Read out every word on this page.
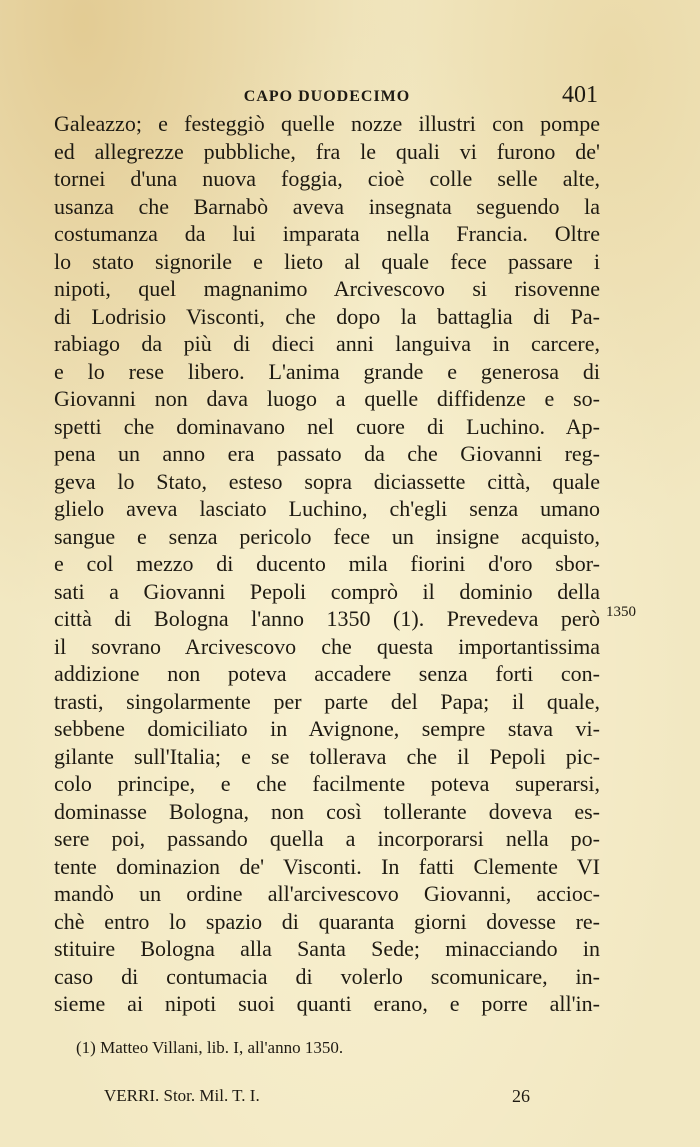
CAPO DUODECIMO	401
Galeazzo; e festeggiò quelle nozze illustri con pompe
ed allegrezze pubbliche, fra le quali vi furono de'
tornei d'una nuova foggia, cioè colle selle alte,
usanza che Barnabò aveva insegnata seguendo la
costumanza da lui imparata nella Francia. Oltre
lo stato signorile e lieto al quale fece passare i
nipoti, quel magnanimo Arcivescovo si risovenne
di Lodrisio Visconti, che dopo la battaglia di Pa-
rabiago da più di dieci anni languiva in carcere,
e lo rese libero. L'anima grande e generosa di
Giovanni non dava luogo a quelle diffidenze e so-
spetti che dominavano nel cuore di Luchino. Ap-
pena un anno era passato da che Giovanni reg-
geva lo Stato, esteso sopra diciassette città, quale
glielo aveva lasciato Luchino, ch'egli senza umano
sangue e senza pericolo fece un insigne acquisto,
e col mezzo di ducento mila fiorini d'oro sbor-
sati a Giovanni Pepoli comprò il dominio della
città di Bologna l'anno 1350 (1). Prevedeva però
il sovrano Arcivescovo che questa importantissima
addizione non poteva accadere senza forti con-
trasti, singolarmente per parte del Papa; il quale,
sebbene domiciliato in Avignone, sempre stava vi-
gilante sull'Italia; e se tollerava che il Pepoli pic-
colo principe, e che facilmente poteva superarsi,
dominasse Bologna, non così tollerante doveva es-
sere poi, passando quella a incorporarsi nella po-
tente dominazion de' Visconti. In fatti Clemente VI
mandò un ordine all'arcivescovo Giovanni, accioc-
chè entro lo spazio di quaranta giorni dovesse re-
stituire Bologna alla Santa Sede; minacciando in
caso di contumacia di volerlo scomunicare, in-
sieme ai nipoti suoi quanti erano, e porre all'in-
1350
(1) Matteo Villani, lib. I, all'anno 1350.
VERRI. Stor. Mil. T. I.	26
